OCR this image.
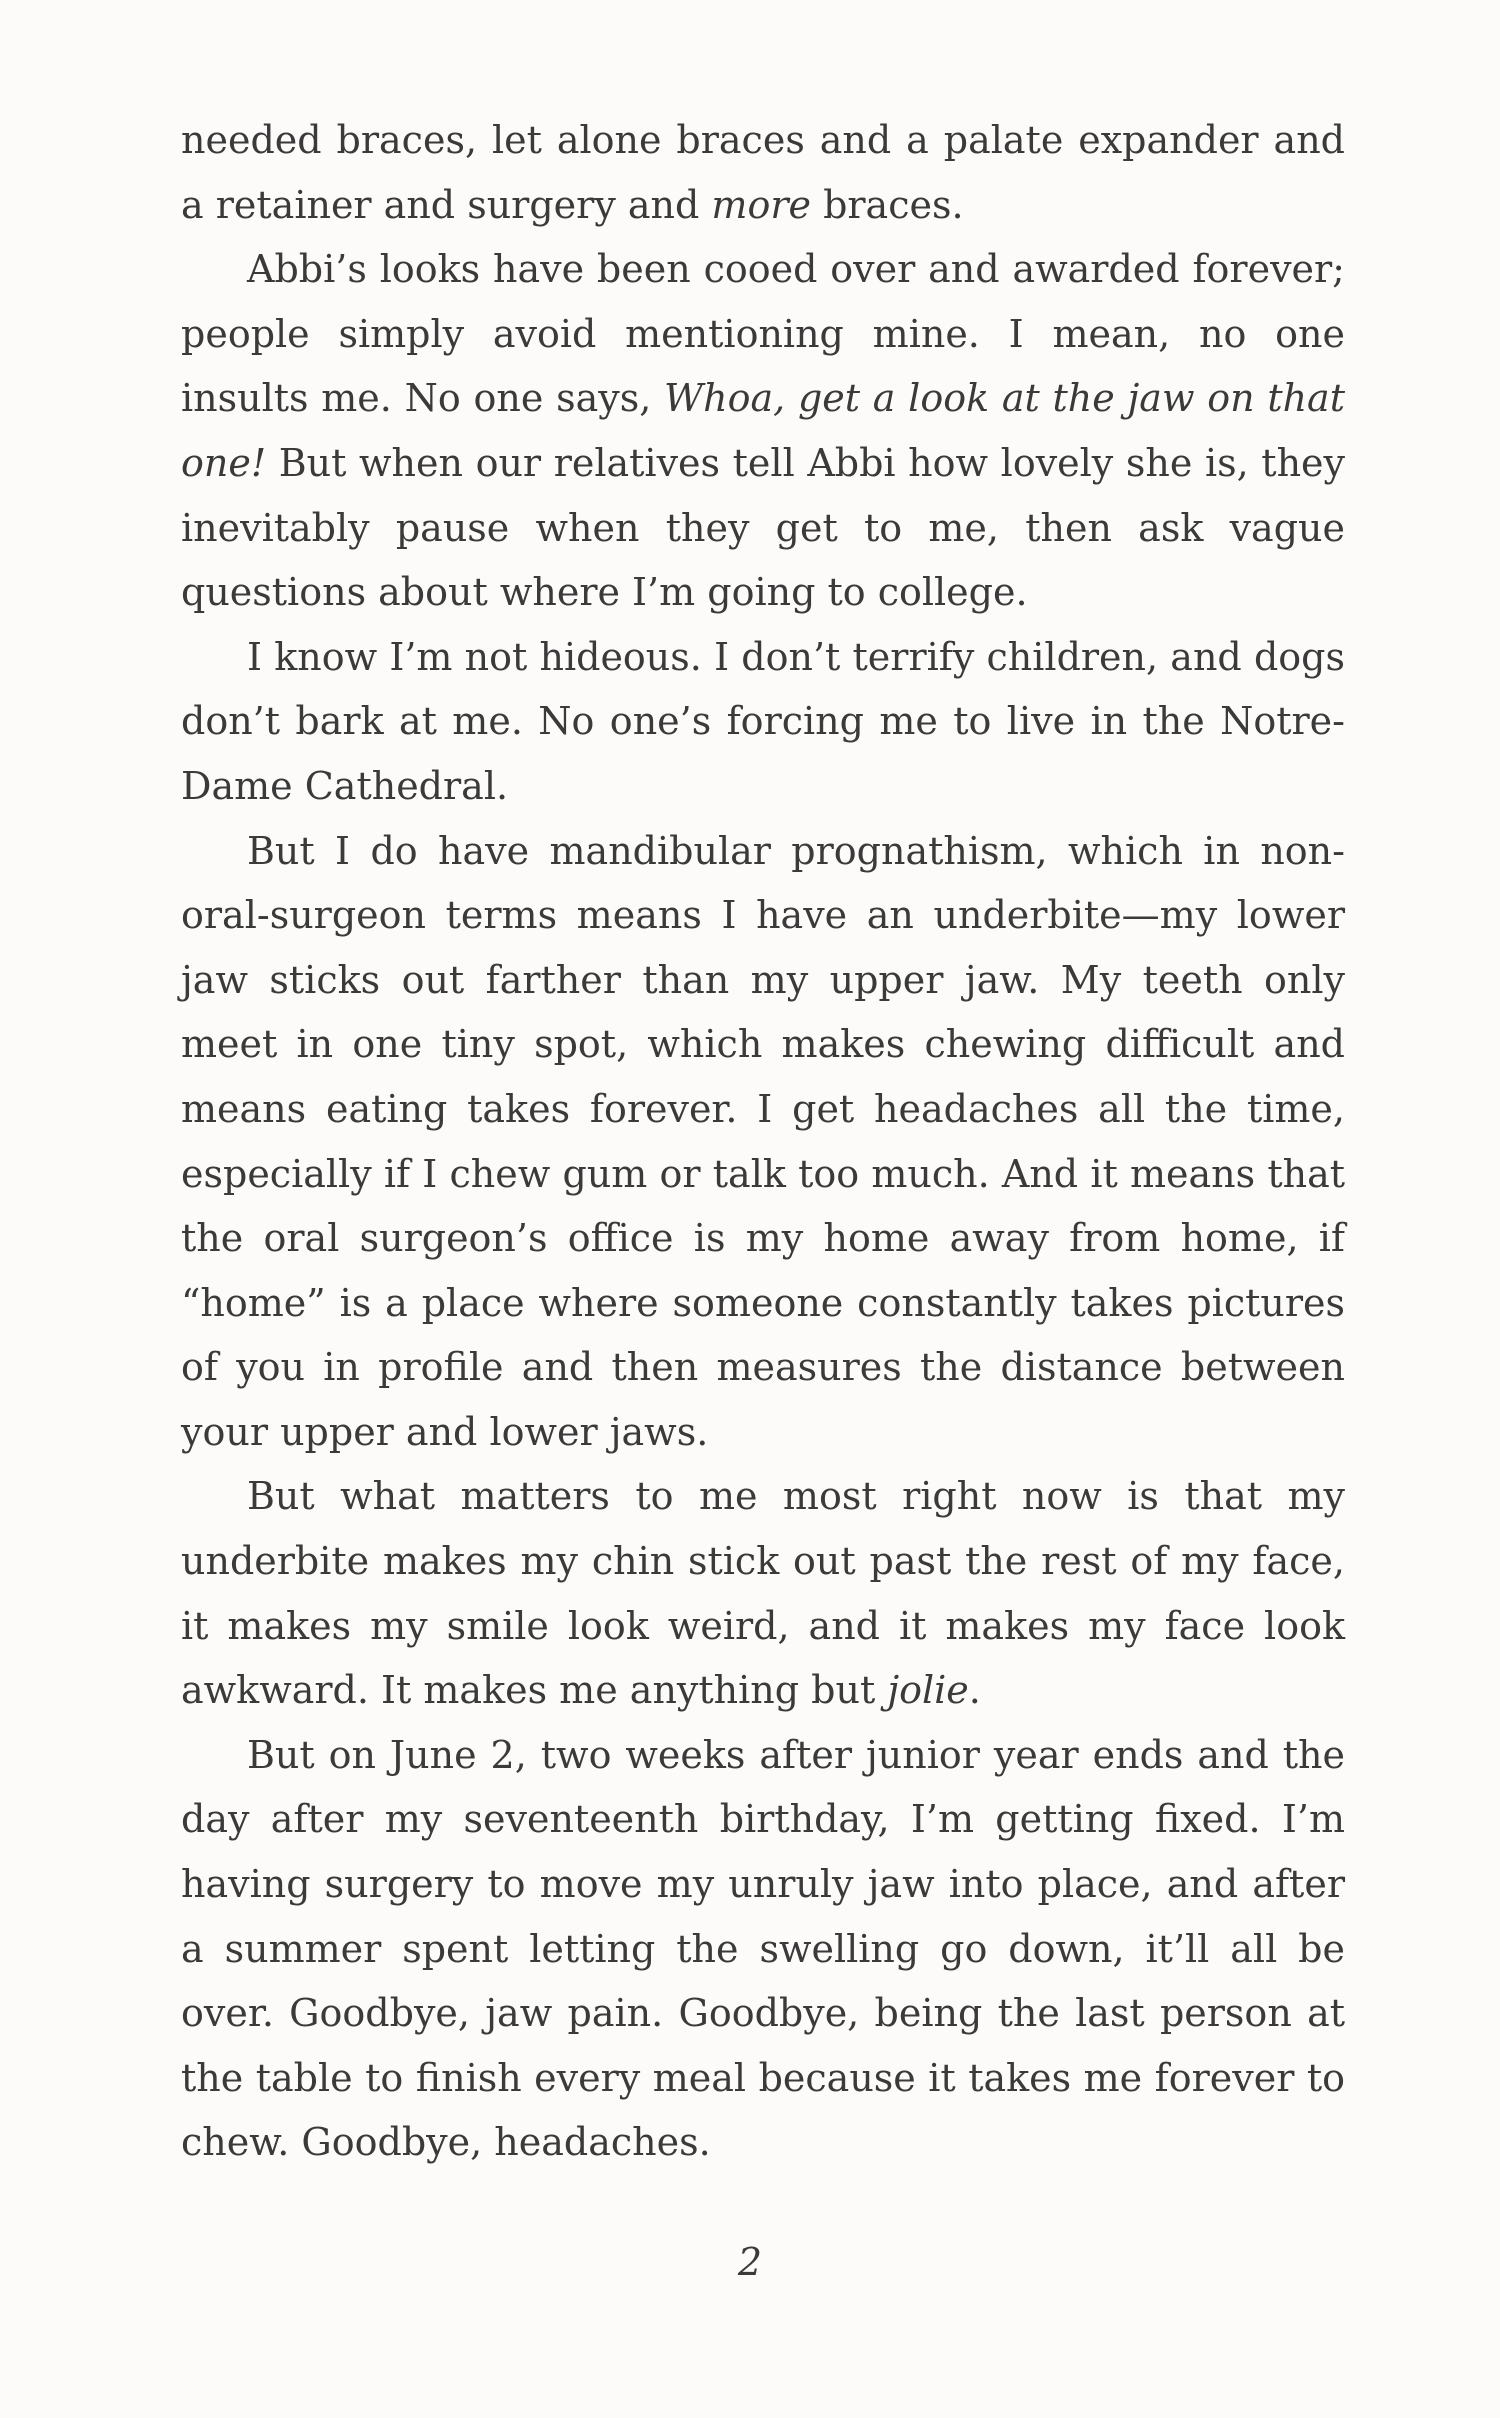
needed braces, let alone braces and a palate expander and a retainer and surgery and more braces.

Abbi’s looks have been cooed over and awarded forever; people simply avoid mentioning mine. I mean, no one insults me. No one says, Whoa, get a look at the jaw on that one! But when our relatives tell Abbi how lovely she is, they inevitably pause when they get to me, then ask vague questions about where I’m going to college.

I know I’m not hideous. I don’t terrify children, and dogs don’t bark at me. No one’s forcing me to live in the Notre-Dame Cathedral.

But I do have mandibular prognathism, which in non-oral-surgeon terms means I have an underbite—my lower jaw sticks out farther than my upper jaw. My teeth only meet in one tiny spot, which makes chewing difficult and means eating takes forever. I get headaches all the time, especially if I chew gum or talk too much. And it means that the oral surgeon’s office is my home away from home, if “home” is a place where someone constantly takes pictures of you in profile and then measures the distance between your upper and lower jaws.

But what matters to me most right now is that my underbite makes my chin stick out past the rest of my face, it makes my smile look weird, and it makes my face look awkward. It makes me anything but jolie.

But on June 2, two weeks after junior year ends and the day after my seventeenth birthday, I’m getting fixed. I’m having surgery to move my unruly jaw into place, and after a summer spent letting the swelling go down, it’ll all be over. Goodbye, jaw pain. Goodbye, being the last person at the table to finish every meal because it takes me forever to chew. Goodbye, headaches.

2
